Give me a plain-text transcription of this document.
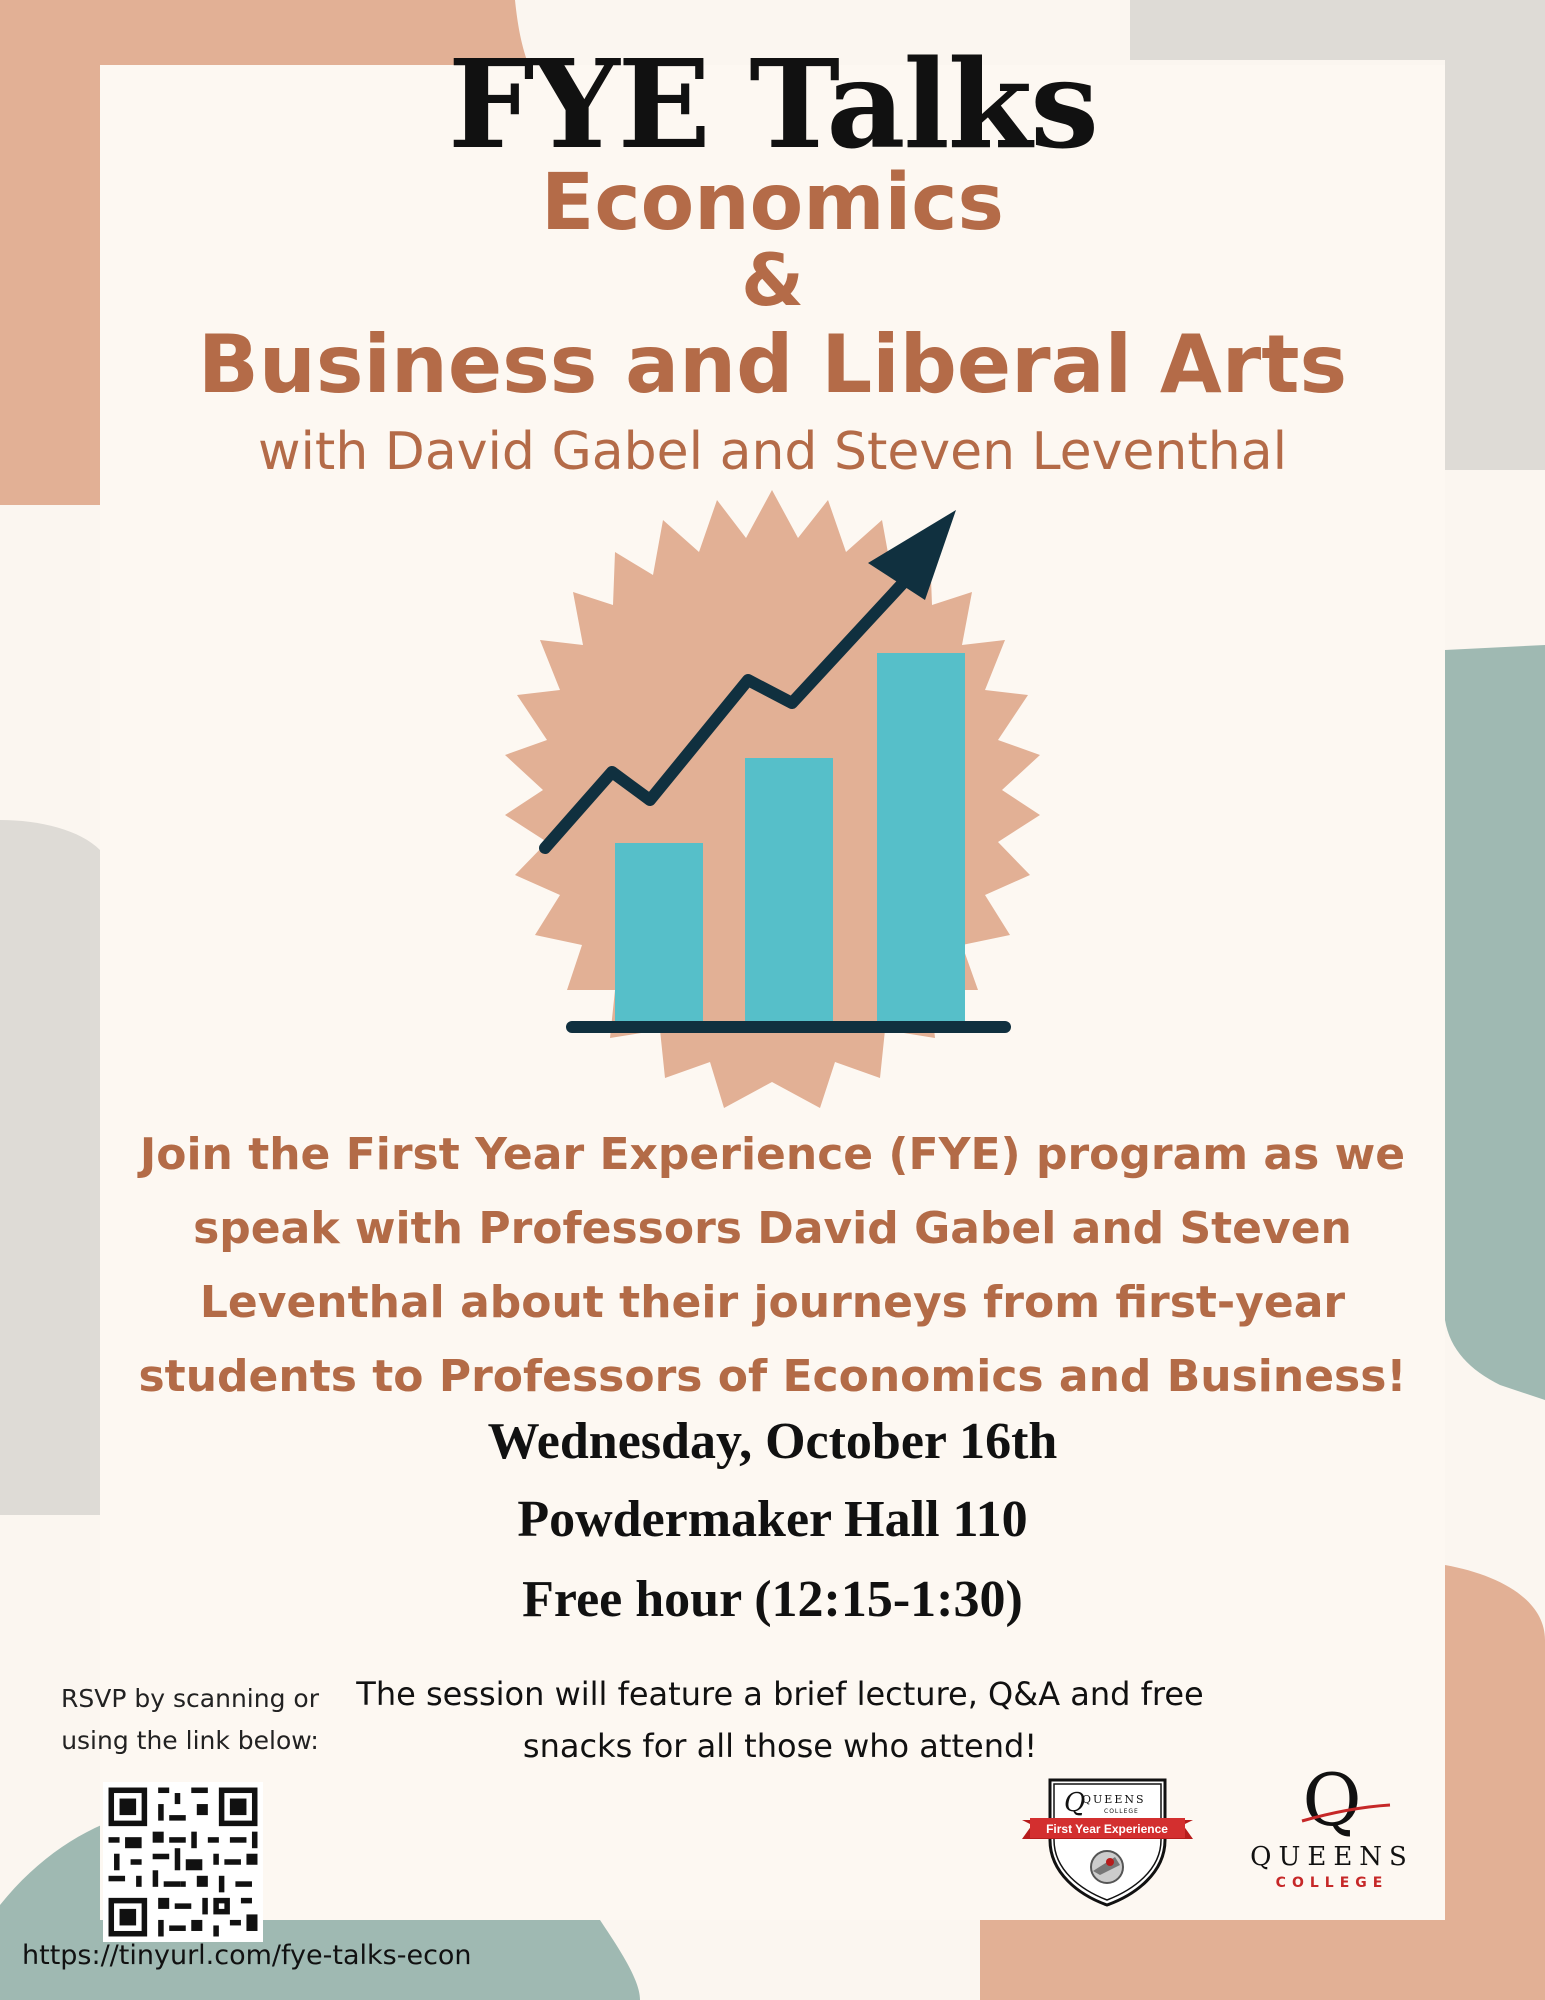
FYE Talks
Economics
&
Business and Liberal Arts
with David Gabel and Steven Leventhal
Join the First Year Experience (FYE) program as we speak with Professors David Gabel and Steven Leventhal about their journeys from first-year students to Professors of Economics and Business!
Wednesday, October 16th
Powdermaker Hall 110
Free hour (12:15-1:30)
RSVP by scanning or using the link below:
The session will feature a brief lecture, Q&A and free snacks for all those who attend!
https://tinyurl.com/fye-talks-econ
Q
QUEENS
COLLEGE
First Year Experience Q
QUEENS
COLLEGE
